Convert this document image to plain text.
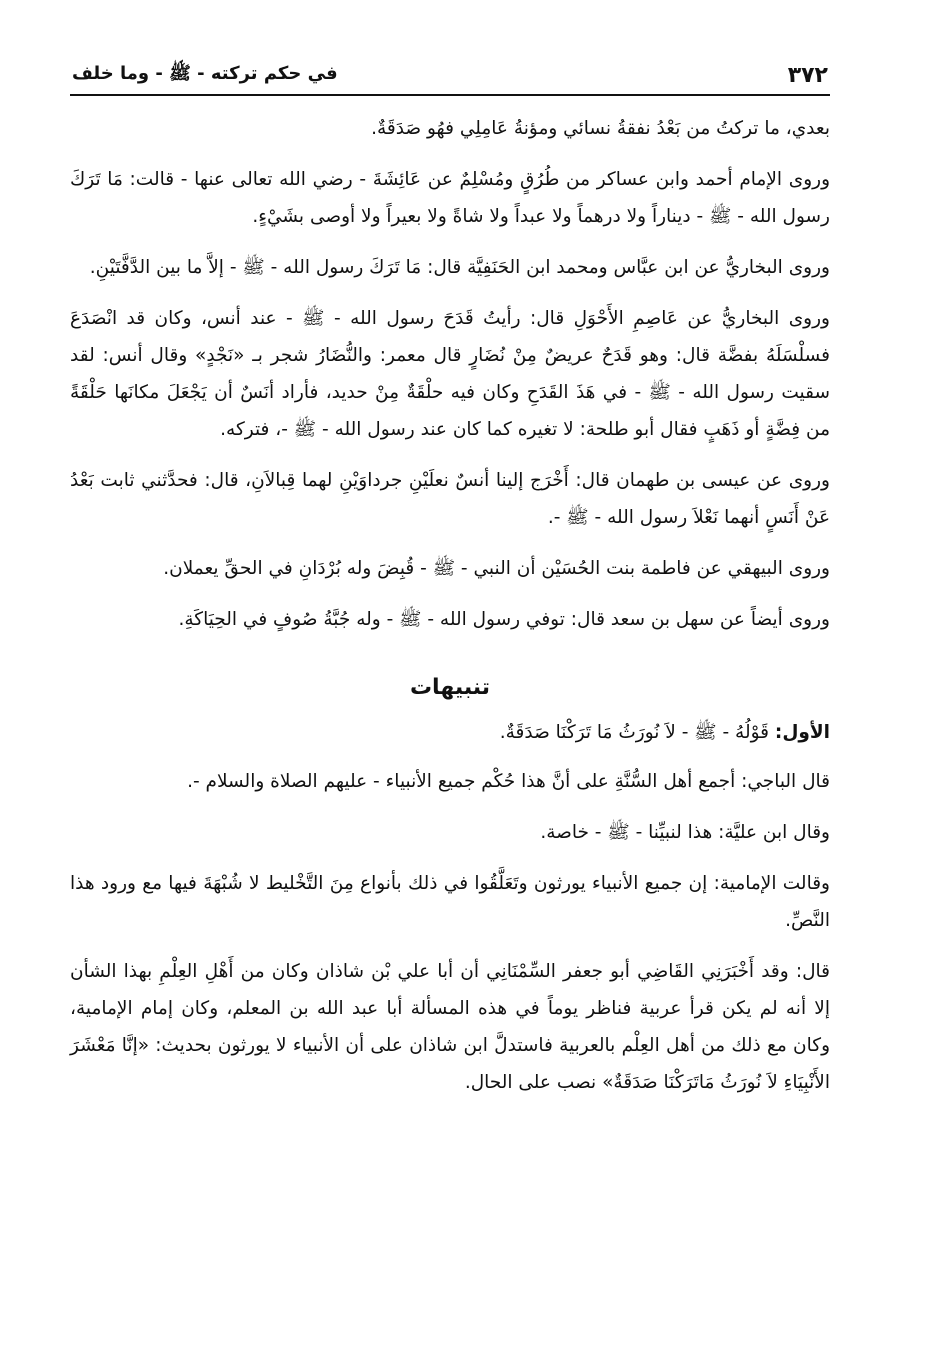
٣٧٢
في حكم تركته - ﷺ - وما خلف

بعدي، ما تركتُ من بَعْدُ نفقةُ نسائي ومؤنةُ عَامِلِي فهُو صَدَقَةٌ.

وروى الإمام أحمد وابن عساكر من طُرُقٍ ومُسْلِمٌ عن عَائِشَةَ - رضي الله تعالى عنها - قالت: مَا تَرَكَ رسول الله - ﷺ - ديناراً ولا درهماً ولا عبداً ولا شاةً ولا بعيراً ولا أوصى بشَيْءٍ.

وروى البخاريُّ عن ابن عبَّاس ومحمد ابن الحَنَفِيَّة قال: مَا تَرَكَ رسول الله - ﷺ - إلاَّ ما بين الدَّفَّتَيْنِ.

وروى البخاريُّ عن عَاصِمِ الأَحْوَلِ قال: رأيتُ قَدَحَ رسول الله - ﷺ - عند أنس، وكان قد انْصَدَعَ فسلْسَلَهُ بفضَّة قال: وهو قَدَحٌ عريضٌ مِنْ نُضَارٍ قال معمر: والنُّضَارُ شجر بـ «نَجْدٍ» وقال أنس: لقد سقيت رسول الله - ﷺ - في هَذَ القَدَحِ وكان فيه حلْقَةٌ مِنْ حديد، فأراد أنَسٌ أن يَجْعَلَ مكانَها حَلْقَةً من فِضَّةٍ أو ذَهَبٍ فقال أبو طلحة: لا تغيره كما كان عند رسول الله - ﷺ -، فتركه.

وروى عن عيسى بن طهمان قال: أَخْرَج إلينا أنسٌ نعلَيْنِ جرداوَيْنِ لهما قِبالاَنِ، قال: فحدَّثني ثابت بَعْدُ عَنْ أَنَسٍ أنهما نَعْلاَ رسول الله - ﷺ -.

وروى البيهقي عن فاطمة بنت الحُسَيْن أن النبي - ﷺ - قُبِضَ وله بُرْدَانِ في الحقِّ يعملان.

وروى أيضاً عن سهل بن سعد قال: توفي رسول الله - ﷺ - وله جُبَّةُ صُوفٍ في الحِيَاكَةِ.

تنبيهات
الأول: قَوْلُهُ - ﷺ - لاَ نُورَثُ مَا تَرَكْنَا صَدَقَةٌ.

قال الباجي: أجمع أهل السُّنَّةِ على أنَّ هذا حُكْم جميع الأنبياء - عليهم الصلاة والسلام -.

وقال ابن عليَّة: هذا لنبيِّنا - ﷺ - خاصة.

وقالت الإمامية: إن جميع الأنبياء يورثون وتَعَلَّقُوا في ذلك بأنواع مِنَ التَّخْليط لا شُبْهَةَ فيها مع ورود هذا النَّصِّ.

قال: وقد أَخْبَرَنِي القَاضِي أبو جعفر السِّمْنَانِي أن أبا علي بْن شاذان وكان من أَهْلِ العِلْمِ بهذا الشأن إلا أنه لم يكن قرأ عربية فناظر يوماً في هذه المسألة أبا عبد الله بن المعلم، وكان إمام الإمامية، وكان مع ذلك من أهل العِلْم بالعربية فاستدلَّ ابن شاذان على أن الأنبياء لا يورثون بحديث: «إنَّا مَعْشَرَ الأَنْبِيَاءِ لاَ نُورَثُ مَاتَرَكْنَا صَدَقَةٌ» نصب على الحال.
